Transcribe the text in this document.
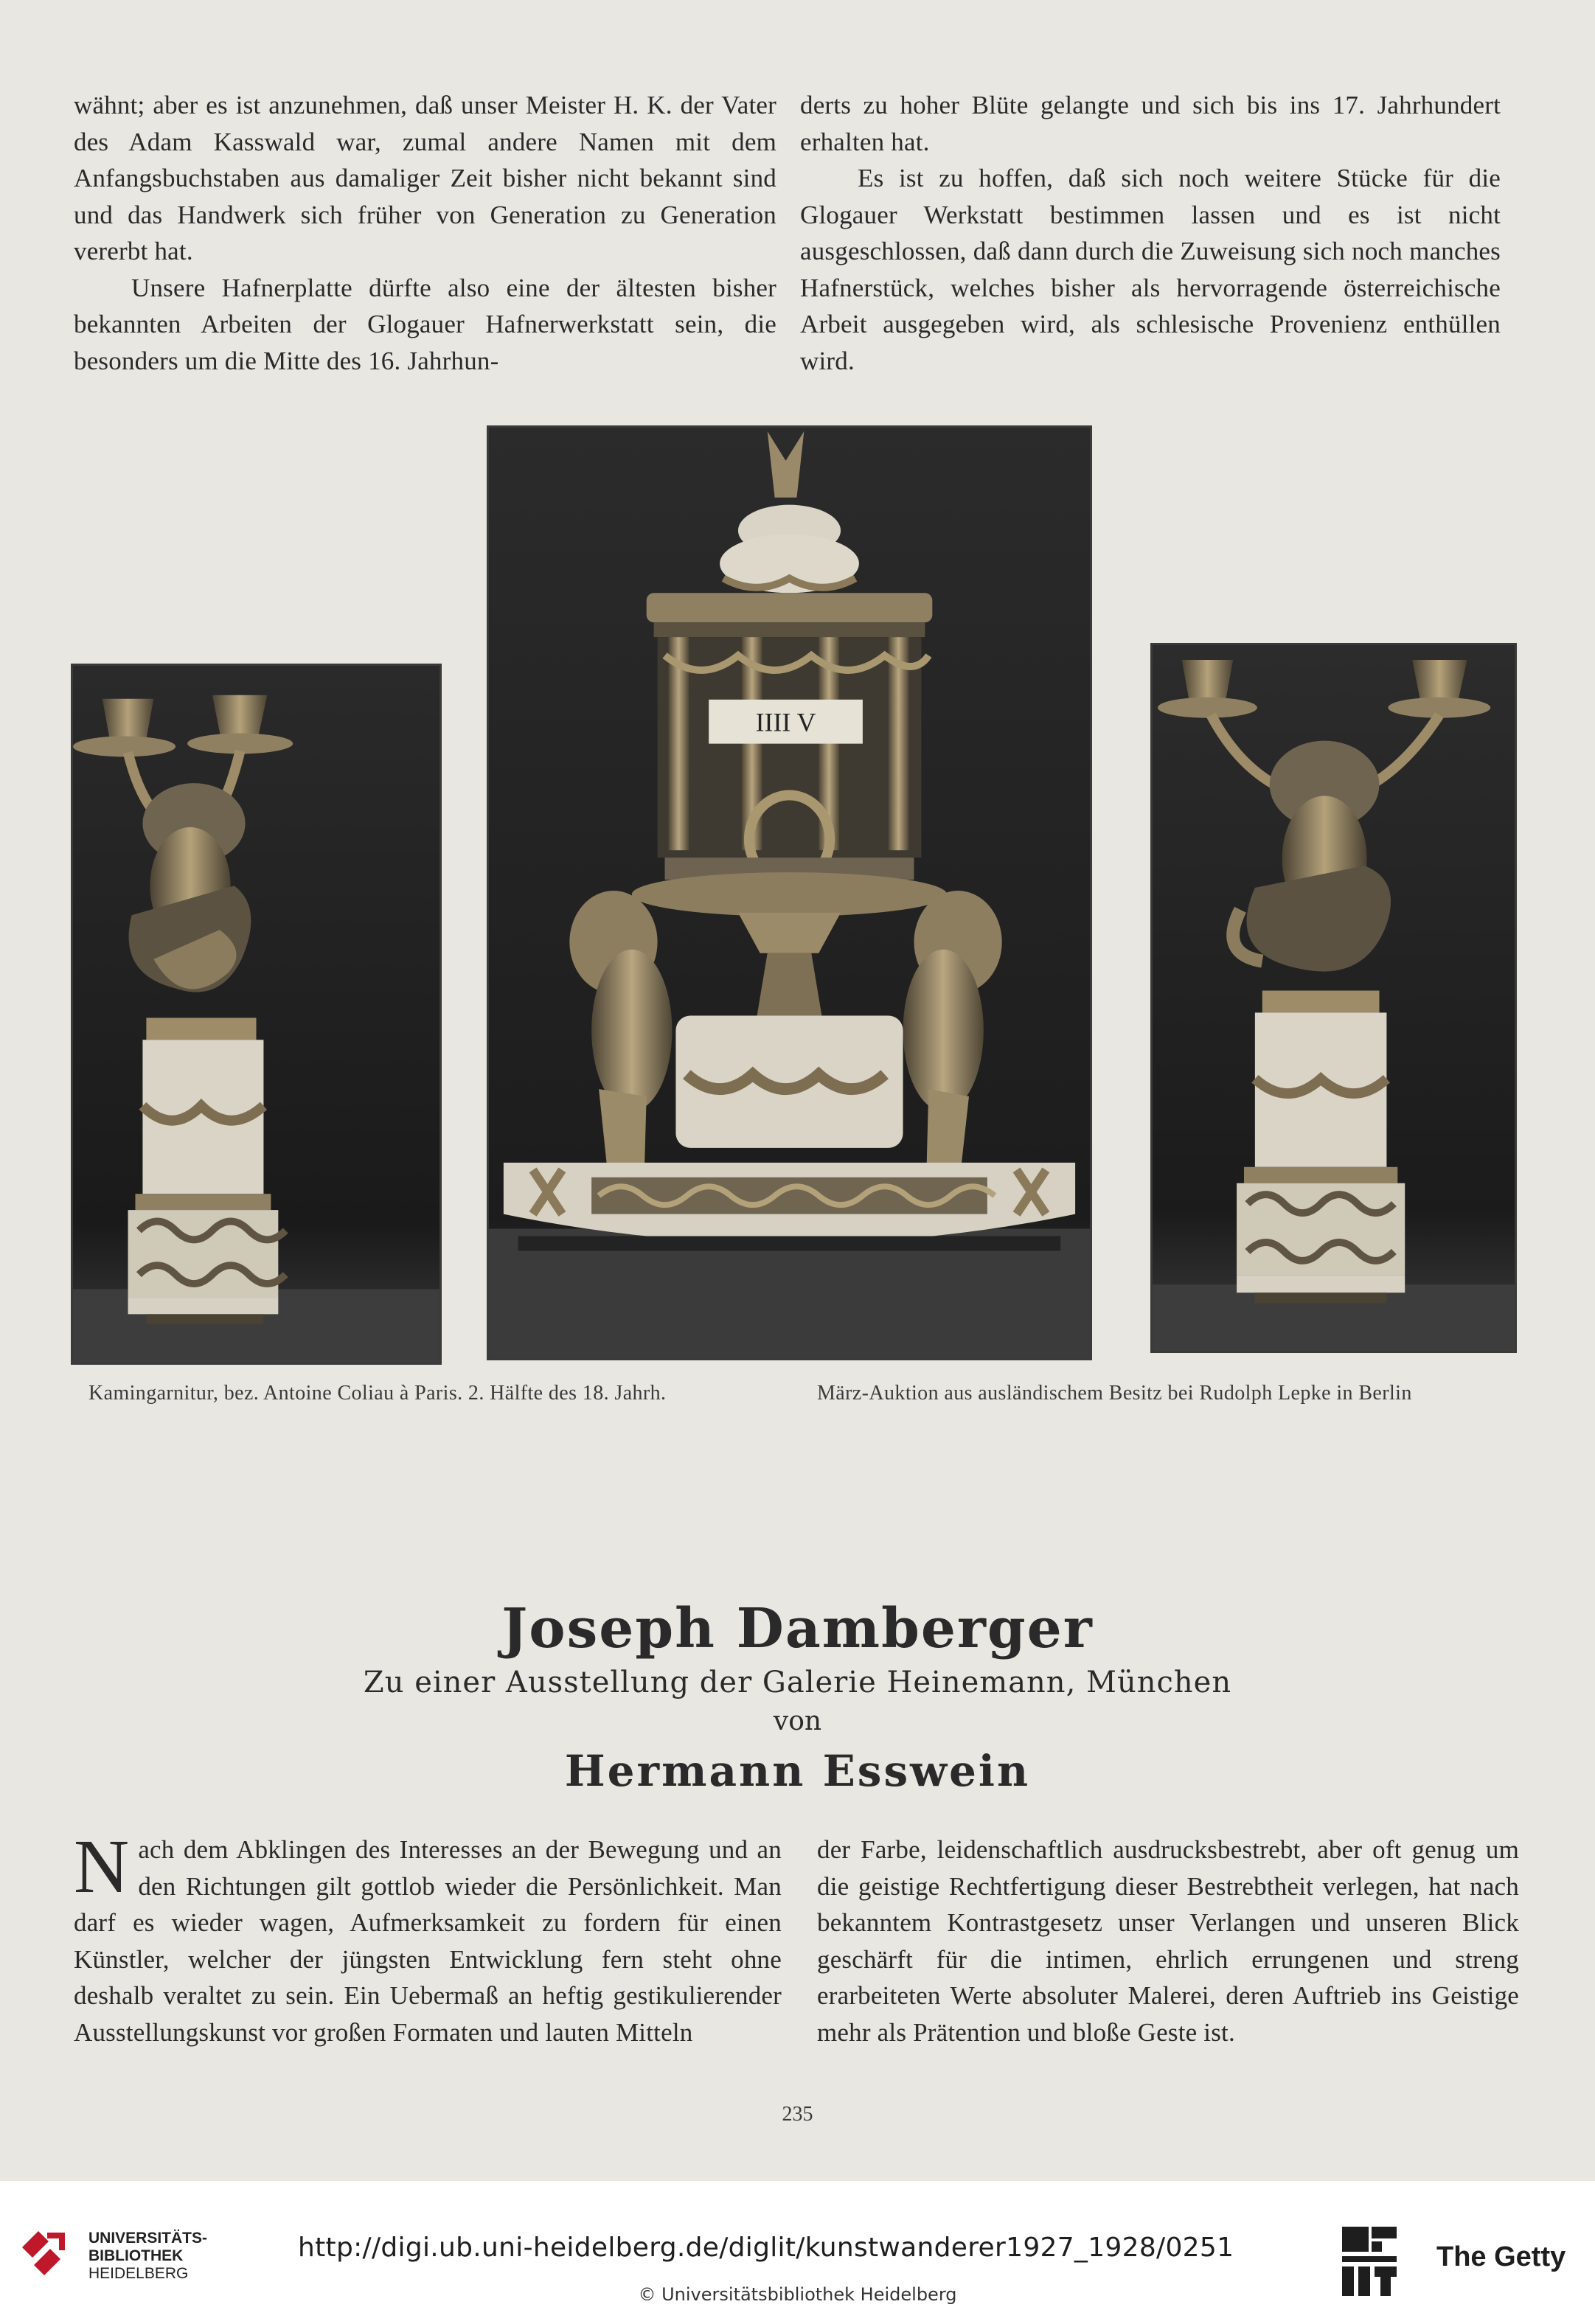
wähnt; aber es ist anzunehmen, daß unser Meister H. K. der Vater des Adam Kasswald war, zumal andere Namen mit dem Anfangsbuchstaben aus damaliger Zeit bisher nicht bekannt sind und das Handwerk sich früher von Generation zu Generation vererbt hat.

Unsere Hafnerplatte dürfte also eine der ältesten bisher bekannten Arbeiten der Glogauer Hafnerwerkstatt sein, die besonders um die Mitte des 16. Jahrhun-

derts zu hoher Blüte gelangte und sich bis ins 17. Jahrhundert erhalten hat.

Es ist zu hoffen, daß sich noch weitere Stücke für die Glogauer Werkstatt bestimmen lassen und es ist nicht ausgeschlossen, daß dann durch die Zuweisung sich noch manches Hafnerstück, welches bisher als hervorragende österreichische Arbeit ausgegeben wird, als schlesische Provenienz enthüllen wird.

IIII V
Kamingarnitur, bez. Antoine Coliau à Paris. 2. Hälfte des 18. Jahrh.	März-Auktion aus ausländischem Besitz bei Rudolph Lepke in Berlin
Joseph Damberger
Zu einer Ausstellung der Galerie Heinemann, München
von
Hermann Esswein
N ach dem Abklingen des Interesses an der Bewegung und an den Richtungen gilt gottlob wieder die Persönlichkeit. Man darf es wieder wagen, Aufmerksamkeit zu fordern für einen Künstler, welcher der jüngsten Entwicklung fern steht ohne deshalb veraltet zu sein. Ein Uebermaß an heftig gestikulierender Ausstellungskunst vor großen Formaten und lauten Mitteln
der Farbe, leidenschaftlich ausdrucksbestrebt, aber oft genug um die geistige Rechtfertigung dieser Bestrebtheit verlegen, hat nach bekanntem Kontrastgesetz unser Verlangen und unseren Blick geschärft für die intimen, ehrlich errungenen und streng erarbeiteten Werte absoluter Malerei, deren Auftrieb ins Geistige mehr als Prätention und bloße Geste ist.
235
UNIVERSITÄTS-
BIBLIOTHEK
HEIDELBERG
http://digi.ub.uni-heidelberg.de/diglit/kunstwanderer1927_1928/0251
© Universitätsbibliothek Heidelberg
The Getty
